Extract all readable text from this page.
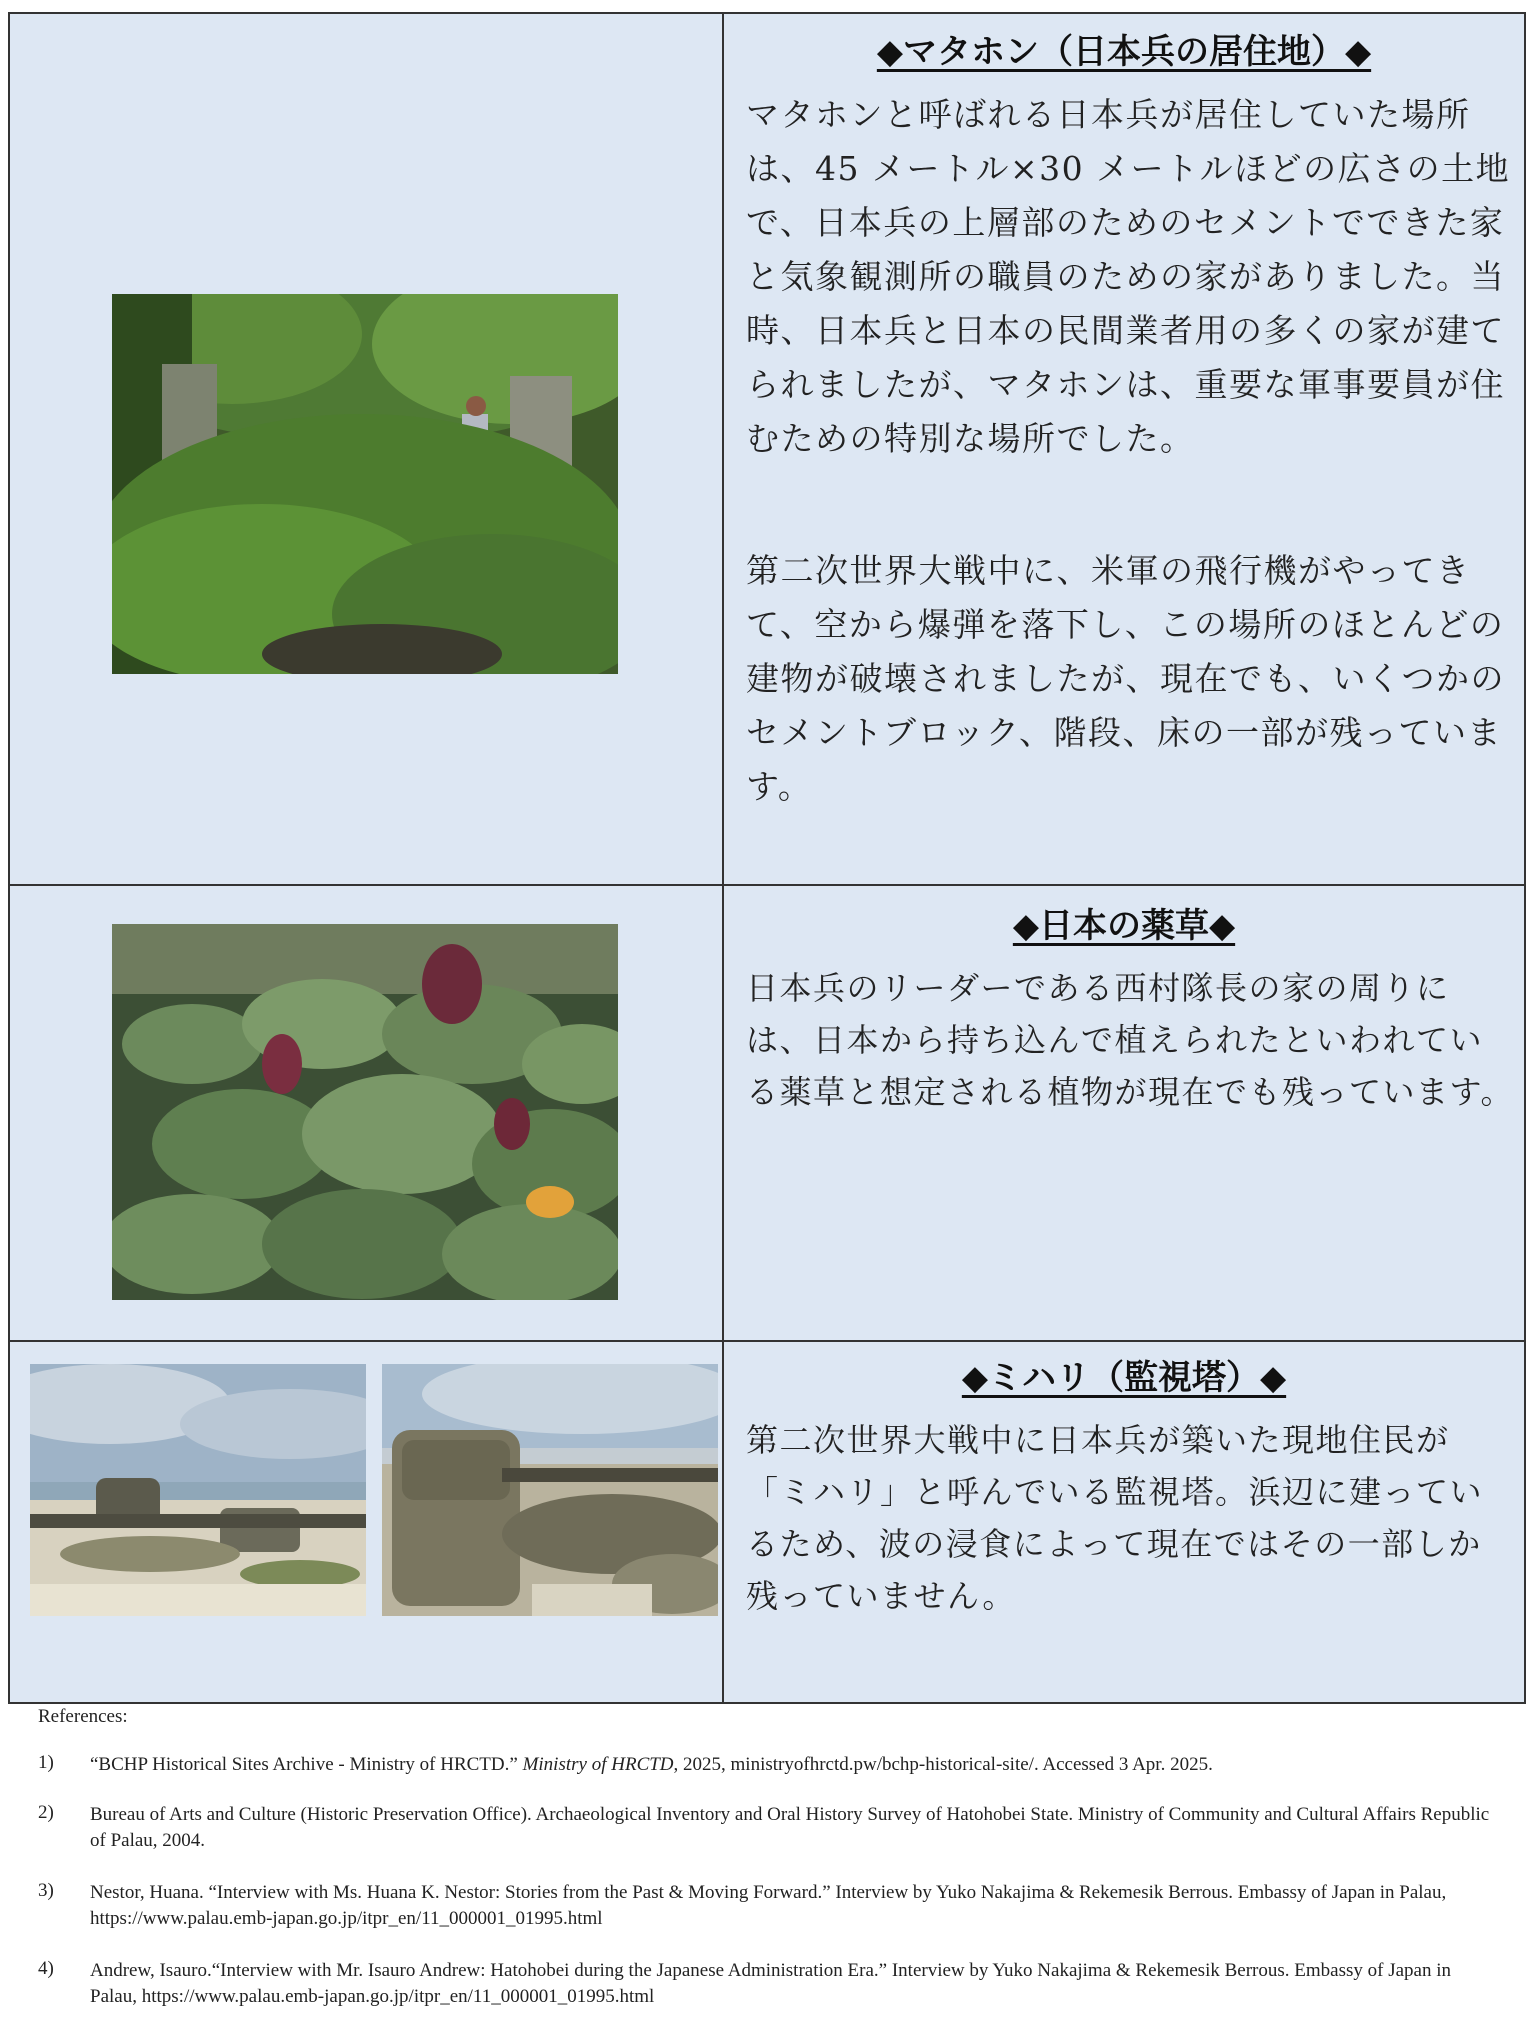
◆マタホン（日本兵の居住地）◆

マタホンと呼ばれる日本兵が居住していた場所は、45 メートル×30 メートルほどの広さの土地で、日本兵の上層部のためのセメントでできた家と気象観測所の職員のための家がありました。当時、日本兵と日本の民間業者用の多くの家が建てられましたが、マタホンは、重要な軍事要員が住むための特別な場所でした。

第二次世界大戦中に、米軍の飛行機がやってきて、空から爆弾を落下し、この場所のほとんどの建物が破壊されましたが、現在でも、いくつかのセメントブロック、階段、床の一部が残っています。

◆日本の薬草◆

日本兵のリーダーである西村隊長の家の周りには、日本から持ち込んで植えられたといわれている薬草と想定される植物が現在でも残っています。

◆ミハリ（監視塔）◆

第二次世界大戦中に日本兵が築いた現地住民が「ミハリ」と呼んでいる監視塔。浜辺に建っているため、波の浸食によって現在ではその一部しか残っていません。

References:
1) “BCHP Historical Sites Archive - Ministry of HRCTD.” Ministry of HRCTD, 2025, ministryofhrctd.pw/bchp-historical-site/. Accessed 3 Apr. 2025.
2) Bureau of Arts and Culture (Historic Preservation Office). Archaeological Inventory and Oral History Survey of Hatohobei State. Ministry of Community and Cultural Affairs Republic of Palau, 2004.
3) Nestor, Huana. “Interview with Ms. Huana K. Nestor: Stories from the Past & Moving Forward.” Interview by Yuko Nakajima & Rekemesik Berrous. Embassy of Japan in Palau, https://www.palau.emb-japan.go.jp/itpr_en/11_000001_01995.html
4) Andrew, Isauro.“Interview with Mr. Isauro Andrew: Hatohobei during the Japanese Administration Era.” Interview by Yuko Nakajima & Rekemesik Berrous. Embassy of Japan in Palau, https://www.palau.emb-japan.go.jp/itpr_en/11_000001_01995.html
